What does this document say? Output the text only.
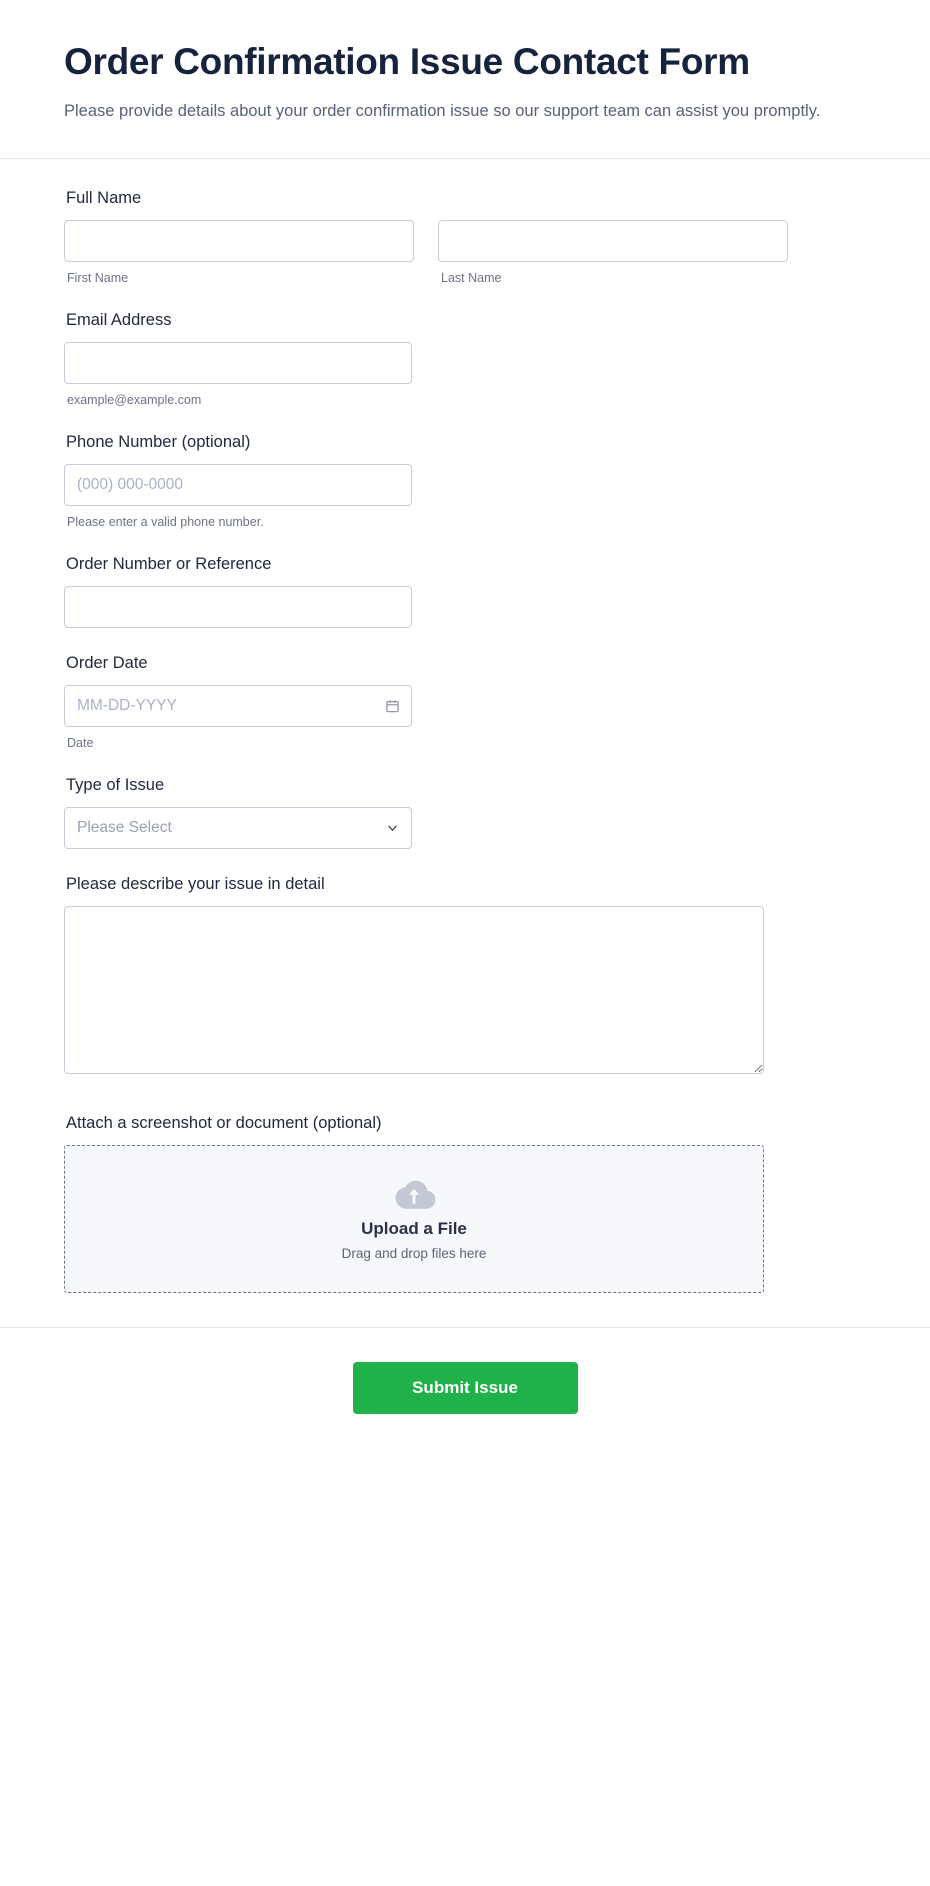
Order Confirmation Issue Contact Form

Please provide details about your order confirmation issue so our support team can assist you promptly.

Full Name
First Name	Last Name
Email Address
example@example.com
Phone Number (optional)
(000) 000-0000
Please enter a valid phone number.
Order Number or Reference
Order Date
MM-DD-YYYY
Date
Type of Issue
Please Select
Please describe your issue in detail
Attach a screenshot or document (optional)
Upload a File
Drag and drop files here
Submit Issue
